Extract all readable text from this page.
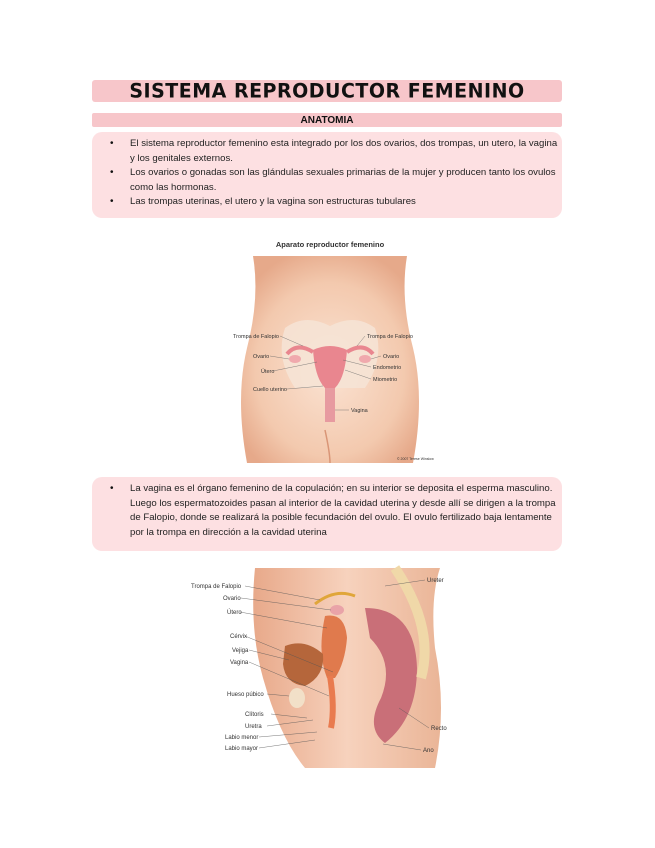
SISTEMA REPRODUCTOR FEMENINO
ANATOMIA
• El sistema reproductor femenino esta integrado por los dos ovarios, dos trompas, un utero, la vagina y los genitales externos.
• Los ovarios o gonadas son las glándulas sexuales primarias de la mujer y producen tanto los ovulos como las hormonas.
• Las trompas uterinas, el utero y la vagina son estructuras tubulares
Aparato reproductor femenino
Trompa de Falopio
Ovario
Útero
Cuello uterino
Trompa de Falopio
Ovario
Endometrio
Miometrio
Vagina
© 2007 Terese Winslow
• La vagina es el órgano femenino de la copulación; en su interior se deposita el esperma masculino. Luego los espermatozoides pasan al interior de la cavidad uterina y desde allí se dirigen a la trompa de Falopio, donde se realizará la posible fecundación del ovulo. El ovulo fertilizado baja lentamente por la trompa en dirección a la cavidad uterina
Trompa de Falopio
Ovario
Útero
Cérvix
Vejiga
Vagina
Hueso púbico
Clítoris
Uretra
Labio menor
Labio mayor
Ureter
Recto
Ano
